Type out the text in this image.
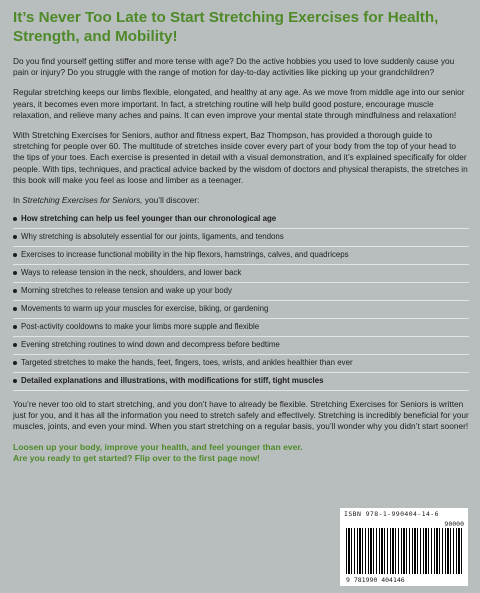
It’s Never Too Late to Start Stretching Exercises for Health, Strength, and Mobility!

Do you find yourself getting stiffer and more tense with age? Do the active hobbies you used to love suddenly cause you pain or injury? Do you struggle with the range of motion for day-to-day activities like picking up your grandchildren?

Regular stretching keeps our limbs flexible, elongated, and healthy at any age. As we move from middle age into our senior years, it becomes even more important. In fact, a stretching routine will help build good posture, encourage muscle relaxation, and relieve many aches and pains. It can even improve your mental state through mindfulness and relaxation!

With Stretching Exercises for Seniors, author and fitness expert, Baz Thompson, has provided a thorough guide to stretching for people over 60. The multitude of stretches inside cover every part of your body from the top of your head to the tips of your toes. Each exercise is presented in detail with a visual demonstration, and it’s explained specifically for older people. With tips, techniques, and practical advice backed by the wisdom of doctors and physical therapists, the stretches in this book will make you feel as loose and limber as a teenager.

In Stretching Exercises for Seniors, you’ll discover:

How stretching can help us feel younger than our chronological age
Why stretching is absolutely essential for our joints, ligaments, and tendons
Exercises to increase functional mobility in the hip flexors, hamstrings, calves, and quadriceps
Ways to release tension in the neck, shoulders, and lower back
Morning stretches to release tension and wake up your body
Movements to warm up your muscles for exercise, biking, or gardening
Post-activity cooldowns to make your limbs more supple and flexible
Evening stretching routines to wind down and decompress before bedtime
Targeted stretches to make the hands, feet, fingers, toes, wrists, and ankles healthier than ever
Detailed explanations and illustrations, with modifications for stiff, tight muscles

You’re never too old to start stretching, and you don’t have to already be flexible. Stretching Exercises for Seniors is written just for you, and it has all the information you need to stretch safely and effectively. Stretching is incredibly beneficial for your muscles, joints, and even your mind. When you start stretching on a regular basis, you’ll wonder why you didn’t start sooner!

Loosen up your body, improve your health, and feel younger than ever.

Are you ready to get started? Flip over to the first page now!

ISBN 978-1-990404-14-6
90000
9 781990 404146
